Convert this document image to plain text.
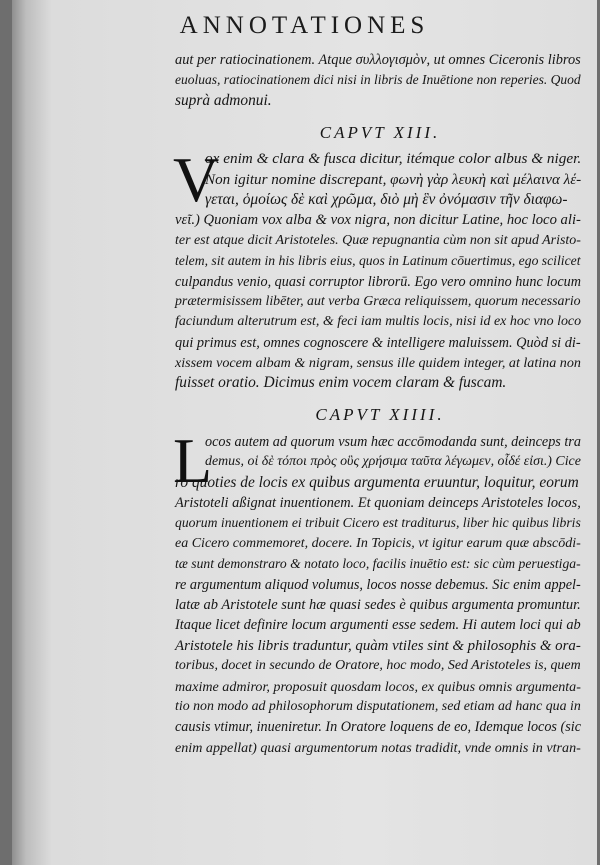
ANNOTATIONES
aut per ratiocinationem. Atque συλλογισμὸν, ut omnes Ciceronis libros
euoluas, ratiocinationem dici nisi in libris de Inuētione non reperies. Quod
suprà admonui.
CAPVT XIII.
V
ox enim & clara & fusca dicitur, itémque color albus & niger.
Non igitur nomine discrepant, φωνὴ γὰρ λευκὴ καὶ μέλαινα λέ-
γεται, ὁμοίως δὲ καὶ χρῶμα, διὸ μὴ ἓν ὀνόμασιν τῆν διαφω-
νεῖ.) Quoniam vox alba & vox nigra, non dicitur Latine, hoc loco ali-
ter est atque dicit Aristoteles. Quæ repugnantia cùm non sit apud Aristo-
telem, sit autem in his libris eius, quos in Latinum cōuertimus, ego scilicet
culpandus venio, quasi corruptor librorū. Ego vero omnino hunc locum
prætermisissem libēter, aut verba Græca reliquissem, quorum necessario
faciundum alterutrum est, & feci iam multis locis, nisi id ex hoc vno loco
qui primus est, omnes cognoscere & intelligere maluissem. Quòd si di-
xissem vocem albam & nigram, sensus ille quidem integer, at latina non
fuisset oratio. Dicimus enim vocem claram & fuscam.
CAPVT XIIII.
L
ocos autem ad quorum vsum hæc accōmodanda sunt, deinceps tra
demus, οἱ δὲ τόποι πρὸς οὓς χρήσιμα ταῦτα λέγωμεν, οἶδέ εἰσι.) Cice
ro quoties de locis ex quibus argumenta eruuntur, loquitur, eorum
Aristoteli aßignat inuentionem. Et quoniam deinceps Aristoteles locos,
quorum inuentionem ei tribuit Cicero est traditurus, liber hic quibus libris
ea Cicero commemoret, docere. In Topicis, vt igitur earum quæ abscōdi-
tæ sunt demonstraro & notato loco, facilis inuētio est: sic cùm peruestiga-
re argumentum aliquod volumus, locos nosse debemus. Sic enim appel-
latæ ab Aristotele sunt hæ quasi sedes è quibus argumenta promuntur.
Itaque licet definire locum argumenti esse sedem. Hi autem loci qui ab
Aristotele his libris traduntur, quàm vtiles sint & philosophis & ora-
toribus, docet in secundo de Oratore, hoc modo, Sed Aristoteles is, quem
maxime admiror, proposuit quosdam locos, ex quibus omnis argumenta-
tio non modo ad philosophorum disputationem, sed etiam ad hanc qua in
causis vtimur, inueniretur. In Oratore loquens de eo, Idemque locos (sic
enim appellat) quasi argumentorum notas tradidit, vnde omnis in vtran-
